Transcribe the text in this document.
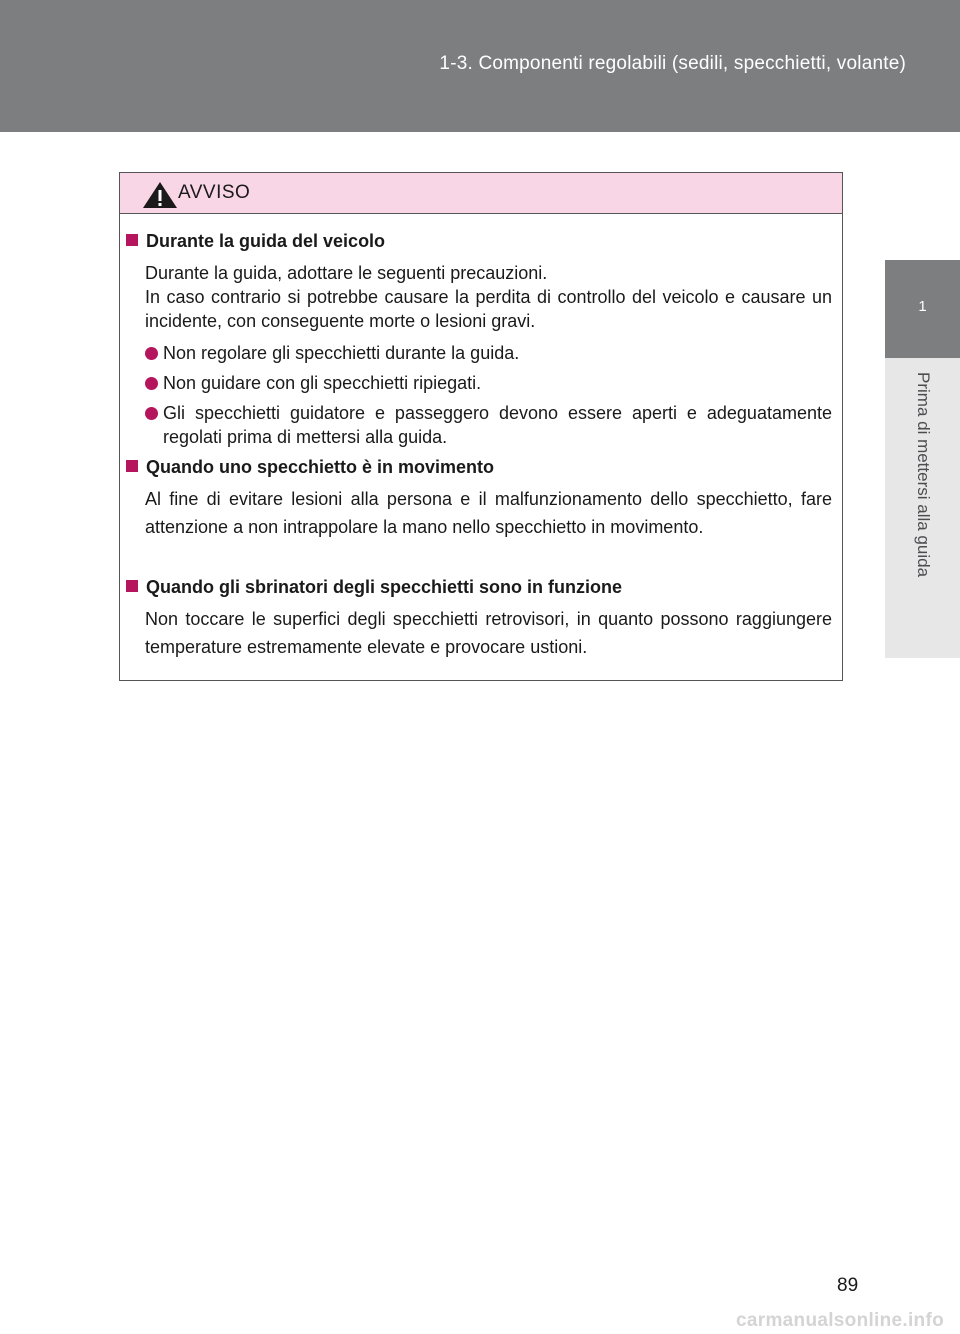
1-3. Componenti regolabili (sedili, specchietti, volante)
1
Prima di mettersi alla guida
AVVISO
Durante la guida del veicolo
Durante la guida, adottare le seguenti precauzioni.
In caso contrario si potrebbe causare la perdita di controllo del veicolo e causare un incidente, con conseguente morte o lesioni gravi.
Non regolare gli specchietti durante la guida.
Non guidare con gli specchietti ripiegati.
Gli specchietti guidatore e passeggero devono essere aperti e adeguatamente regolati prima di mettersi alla guida.
Quando uno specchietto è in movimento
Al fine di evitare lesioni alla persona e il malfunzionamento dello specchietto, fare attenzione a non intrappolare la mano nello specchietto in movimento.
Quando gli sbrinatori degli specchietti sono in funzione
Non toccare le superfici degli specchietti retrovisori, in quanto possono raggiungere temperature estremamente elevate e provocare ustioni.
89
carmanualsonline.info
